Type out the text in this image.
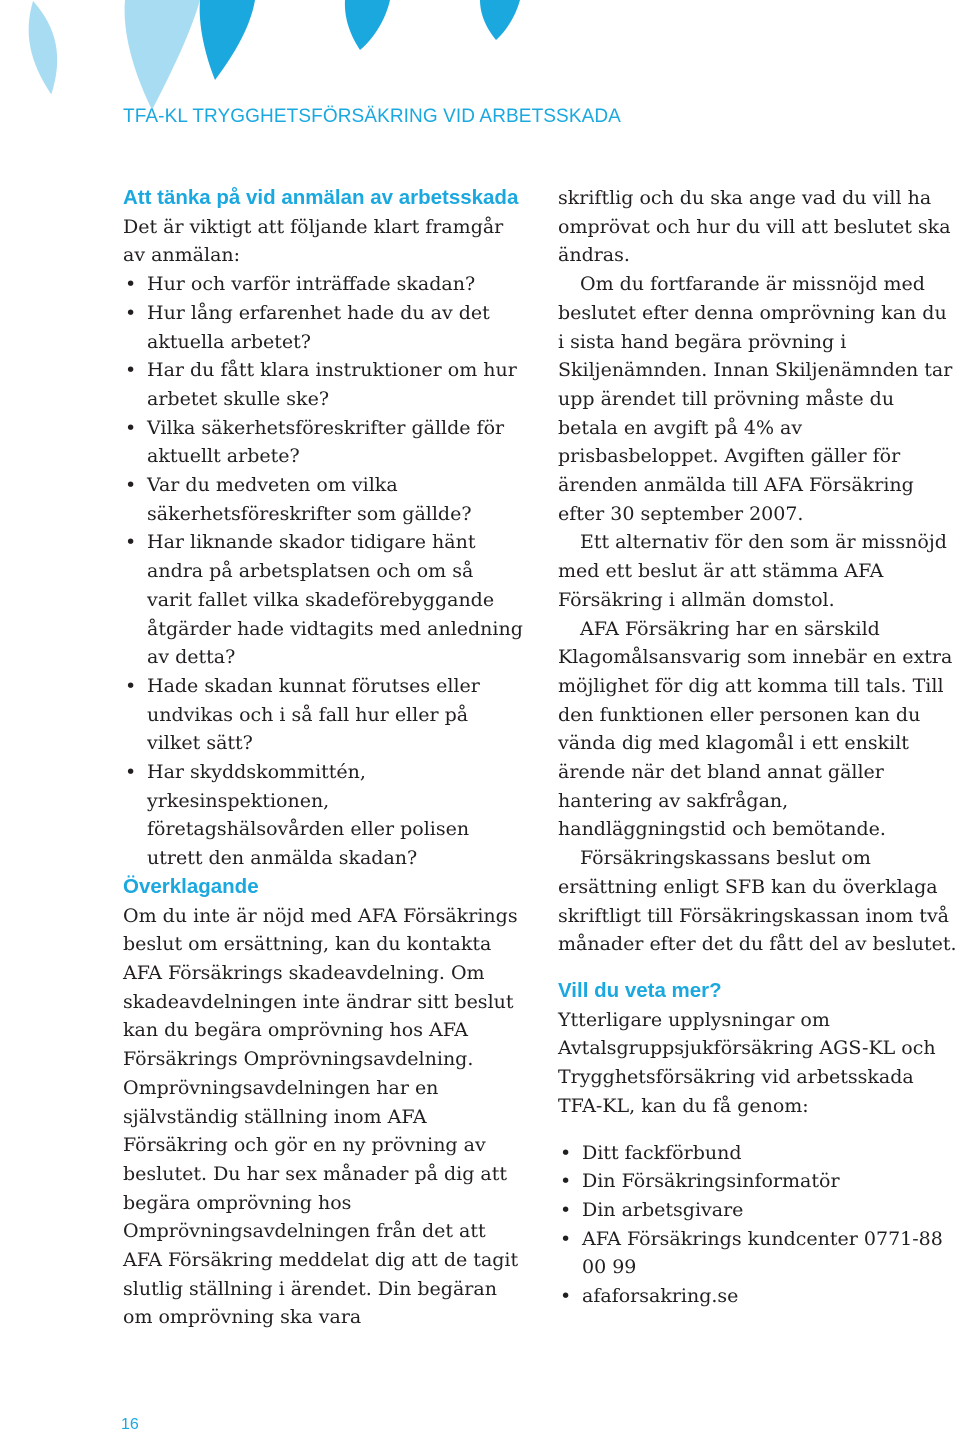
TFA-KL TRYGGHETSFÖRSÄKRING VID ARBETSSKADA
Att tänka på vid anmälan av arbetsskada

Det är viktigt att följande klart framgår av anmälan:

• Hur och varför inträffade skadan?
• Hur lång erfarenhet hade du av det aktuella arbetet?
• Har du fått klara instruktioner om hur arbetet skulle ske?
• Vilka säkerhetsföreskrifter gällde för aktuellt arbete?
• Var du medveten om vilka säkerhetsföreskrifter som gällde?
• Har liknande skador tidigare hänt andra på arbetsplatsen och om så varit fallet vilka skadeförebyggande åtgärder hade vidtagits med anledning av detta?
• Hade skadan kunnat förutses eller undvikas och i så fall hur eller på vilket sätt?
• Har skyddskommittén, yrkesinspektionen, företagshälsovården eller polisen utrett den anmälda skadan?
Överklagande

Om du inte är nöjd med AFA Försäkrings beslut om ersättning, kan du kontakta AFA Försäkrings skadeavdelning. Om skadeavdelningen inte ändrar sitt beslut kan du begära omprövning hos AFA Försäkrings Omprövningsavdelning. Omprövningsavdelningen har en självständig ställning inom AFA Försäkring och gör en ny prövning av beslutet. Du har sex månader på dig att begära omprövning hos Omprövningsavdelningen från det att AFA Försäkring meddelat dig att de tagit slutlig ställning i ärendet. Din begäran om omprövning ska vara

skriftlig och du ska ange vad du vill ha omprövat och hur du vill att beslutet ska ändras.

Om du fortfarande är missnöjd med beslutet efter denna omprövning kan du i sista hand begära prövning i Skiljenämnden. Innan Skiljenämnden tar upp ärendet till prövning måste du betala en avgift på 4% av prisbasbeloppet. Avgiften gäller för ärenden anmälda till AFA Försäkring efter 30 september 2007.

Ett alternativ för den som är missnöjd med ett beslut är att stämma AFA Försäkring i allmän domstol.

AFA Försäkring har en särskild Klagomålsansvarig som innebär en extra möjlighet för dig att komma till tals. Till den funktionen eller personen kan du vända dig med klagomål i ett enskilt ärende när det bland annat gäller hantering av sakfrågan, handläggningstid och bemötande.

Försäkringskassans beslut om ersättning enligt SFB kan du överklaga skriftligt till Försäkringskassan inom två månader efter det du fått del av beslutet.

Vill du veta mer?

Ytterligare upplysningar om Avtalsgruppsjukförsäkring AGS-KL och Trygghetsförsäkring vid arbetsskada TFA-KL, kan du få genom:

• Ditt fackförbund
• Din Försäkringsinformatör
• Din arbetsgivare
• AFA Försäkrings kundcenter 0771-88 00 99
• afaforsakring.se
16
